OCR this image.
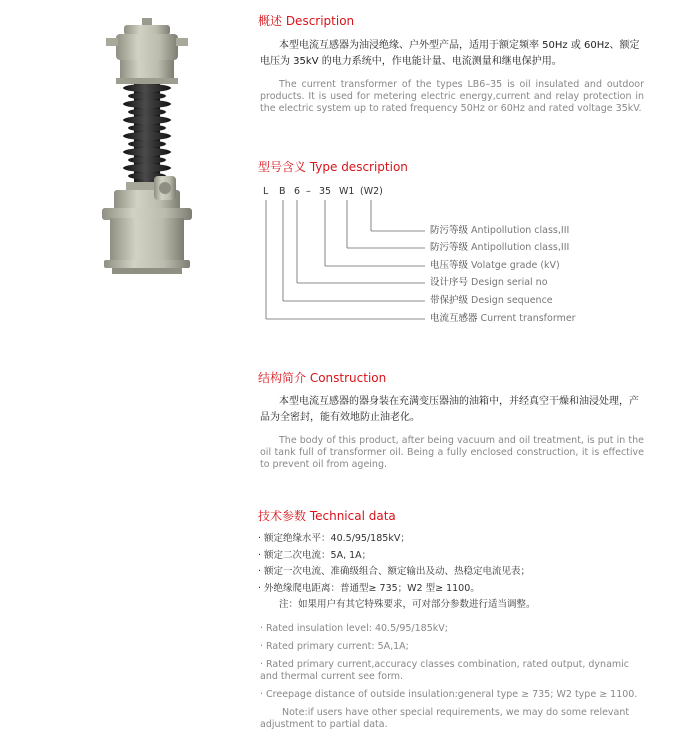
概述 Description
本型电流互感器为油浸绝缘、户外型产品，适用于额定频率 50Hz 或 60Hz、额定电压为 35kV 的电力系统中，作电能计量、电流测量和继电保护用。
The current transformer of the types LB6–35 is oil insulated and outdoor products. It is used for metering electric energy,current and relay protection in the electric system up to rated frequency 50Hz or 60Hz and rated voltage 35kV.
型号含义 Type description
L B 6 – 35 W1 (W2)
防污等级 Antipollution class,III
防污等级 Antipollution class,III
电压等级 Volatge grade (kV)
设计序号 Design serial no
带保护级 Design sequence
电流互感器 Current transformer
结构简介 Construction
本型电流互感器的器身装在充满变压器油的油箱中，并经真空干燥和油浸处理，产品为全密封，能有效地防止油老化。
The body of this product, after being vacuum and oil treatment, is put in the oil tank full of transformer oil. Being a fully enclosed construction, it is effective to prevent oil from ageing.
技术参数 Technical data
· 额定绝缘水平：40.5/95/185kV；
· 额定二次电流：5A, 1A；
· 额定一次电流、准确级组合、额定输出及动、热稳定电流见表；
· 外绝缘爬电距离：普通型≥ 735；W2 型≥ 1100。
注：如果用户有其它特殊要求，可对部分参数进行适当调整。
· Rated insulation level: 40.5/95/185kV;
· Rated primary current: 5A,1A;
· Rated primary current,accuracy classes combination, rated output, dynamic and thermal current see form.
· Creepage distance of outside insulation:general type ≥ 735; W2 type ≥ 1100.
Note:if users have other special requirements, we may do some relevant adjustment to partial data.
